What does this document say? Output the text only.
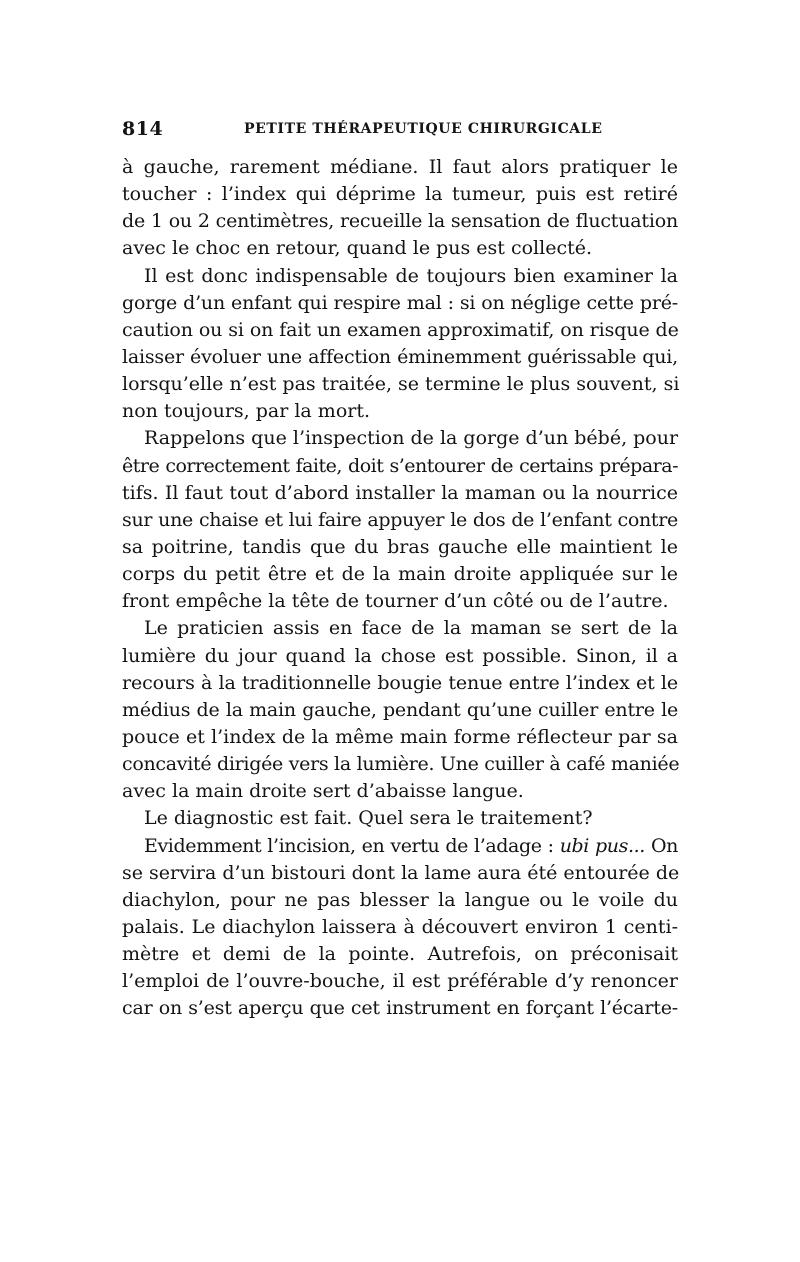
814	PETITE THÉRAPEUTIQUE CHIRURGICALE
à gauche, rarement médiane. Il faut alors pratiquer le
toucher : l’index qui déprime la tumeur, puis est retiré
de 1 ou 2 centimètres, recueille la sensation de fluctuation
avec le choc en retour, quand le pus est collecté.
Il est donc indispensable de toujours bien examiner la
gorge d’un enfant qui respire mal : si on néglige cette pré-
caution ou si on fait un examen approximatif, on risque de
laisser évoluer une affection éminemment guérissable qui,
lorsqu’elle n’est pas traitée, se termine le plus souvent, si
non toujours, par la mort.
Rappelons que l’inspection de la gorge d’un bébé, pour
être correctement faite, doit s’entourer de certains prépara-
tifs. Il faut tout d’abord installer la maman ou la nourrice
sur une chaise et lui faire appuyer le dos de l’enfant contre
sa poitrine, tandis que du bras gauche elle maintient le
corps du petit être et de la main droite appliquée sur le
front empêche la tête de tourner d’un côté ou de l’autre.
Le praticien assis en face de la maman se sert de la
lumière du jour quand la chose est possible. Sinon, il a
recours à la traditionnelle bougie tenue entre l’index et le
médius de la main gauche, pendant qu’une cuiller entre le
pouce et l’index de la même main forme réflecteur par sa
concavité dirigée vers la lumière. Une cuiller à café maniée
avec la main droite sert d’abaisse langue.
Le diagnostic est fait. Quel sera le traitement?
Evidemment l’incision, en vertu de l’adage : ubi pus... On
se servira d’un bistouri dont la lame aura été entourée de
diachylon, pour ne pas blesser la langue ou le voile du
palais. Le diachylon laissera à découvert environ 1 centi-
mètre et demi de la pointe. Autrefois, on préconisait
l’emploi de l’ouvre-bouche, il est préférable d’y renoncer
car on s’est aperçu que cet instrument en forçant l’écarte-
